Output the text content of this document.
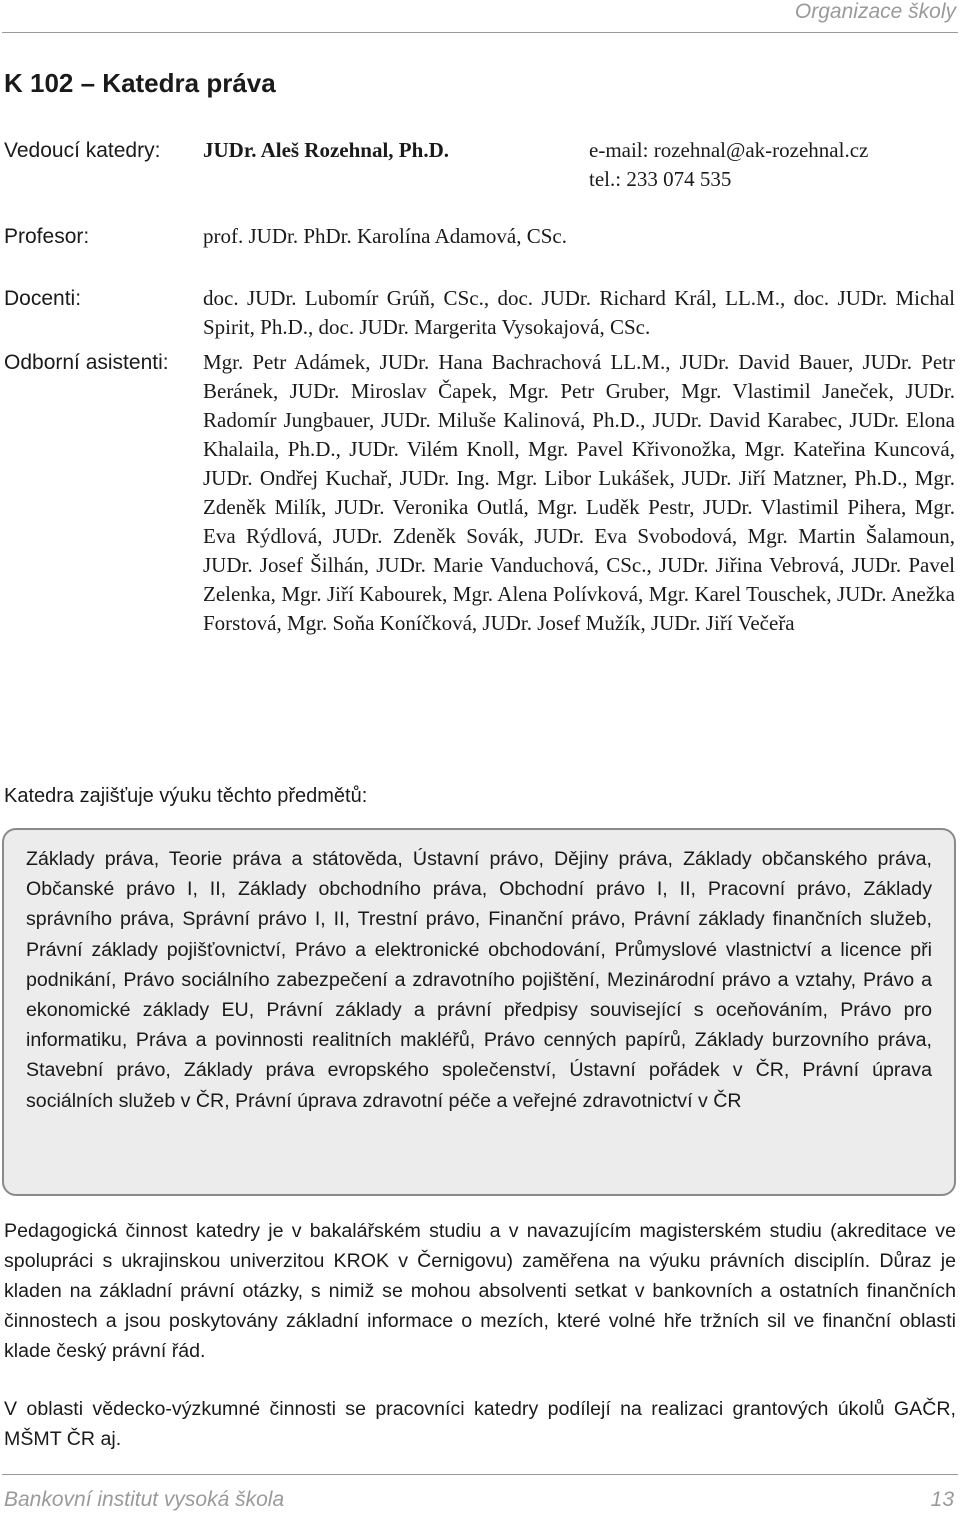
Organizace školy
K 102 – Katedra práva
Vedoucí katedry: JUDr. Aleš Rozehnal, Ph.D.	e-mail: rozehnal@ak-rozehnal.cz
tel.: 233 074 535
Profesor:	prof. JUDr. PhDr. Karolína Adamová, CSc.
Docenti:	doc. JUDr. Lubomír Grúň, CSc., doc. JUDr. Richard Král, LL.M., doc. JUDr. Michal Spirit, Ph.D., doc. JUDr. Margerita Vysokajová, CSc.
Odborní asistenti: Mgr. Petr Adámek, JUDr. Hana Bachrachová LL.M., JUDr. David Bauer, JUDr. Petr Beránek, JUDr. Miroslav Čapek, Mgr. Petr Gruber, Mgr. Vlastimil Janeček, JUDr. Radomír Jungbauer, JUDr. Miluše Kalinová, Ph.D., JUDr. David Karabec, JUDr. Elona Khalaila, Ph.D., JUDr. Vilém Knoll, Mgr. Pavel Křivonožka, Mgr. Kateřina Kuncová, JUDr. Ondřej Kuchař, JUDr. Ing. Mgr. Libor Lukášek, JUDr. Jiří Matzner, Ph.D., Mgr. Zdeněk Milík, JUDr. Veronika Outlá, Mgr. Luděk Pestr, JUDr. Vlastimil Pihera, Mgr. Eva Rýdlová, JUDr. Zdeněk Sovák, JUDr. Eva Svobodová, Mgr. Martin Šalamoun, JUDr. Josef Šilhán, JUDr. Marie Vanduchová, CSc., JUDr. Jiřina Vebrová, JUDr. Pavel Zelenka, Mgr. Jiří Kabourek, Mgr. Alena Polívková, Mgr. Karel Touschek, JUDr. Anežka Forstová, Mgr. Soňa Koníčková, JUDr. Josef Mužík, JUDr. Jiří Večeřa
Katedra zajišťuje výuku těchto předmětů:

Základy práva, Teorie práva a státověda, Ústavní právo, Dějiny práva, Základy občanského práva, Občanské právo I, II, Základy obchodního práva, Obchodní právo I, II, Pracovní právo, Základy správního práva, Správní právo I, II, Trestní právo, Finanční právo, Právní základy finančních služeb, Právní základy pojišťovnictví, Právo a elektronické obchodování, Průmyslové vlastnictví a licence při podnikání, Právo sociálního zabezpečení a zdravotního pojištění, Mezinárodní právo a vztahy, Právo a ekonomické základy EU, Právní základy a právní předpisy související s oceňováním, Právo pro informatiku, Práva a povinnosti realitních makléřů, Právo cenných papírů, Základy burzovního práva, Stavební právo, Základy práva evropského společenství, Ústavní pořádek v ČR, Právní úprava sociálních služeb v ČR, Právní úprava zdravotní péče a veřejné zdravotnictví v ČR

Pedagogická činnost katedry je v bakalářském studiu a v navazujícím magisterském studiu (akreditace ve spolupráci s ukrajinskou univerzitou KROK v Černigovu) zaměřena na výuku právních disciplín. Důraz je kladen na základní právní otázky, s nimiž se mohou absolventi setkat v bankovních a ostatních finančních činnostech a jsou poskytovány základní informace o mezích, které volné hře tržních sil ve finanční oblasti klade český právní řád.

V oblasti vědecko-výzkumné činnosti se pracovníci katedry podílejí na realizaci grantových úkolů GAČR, MŠMT ČR aj.

Bankovní institut vysoká škola	13
